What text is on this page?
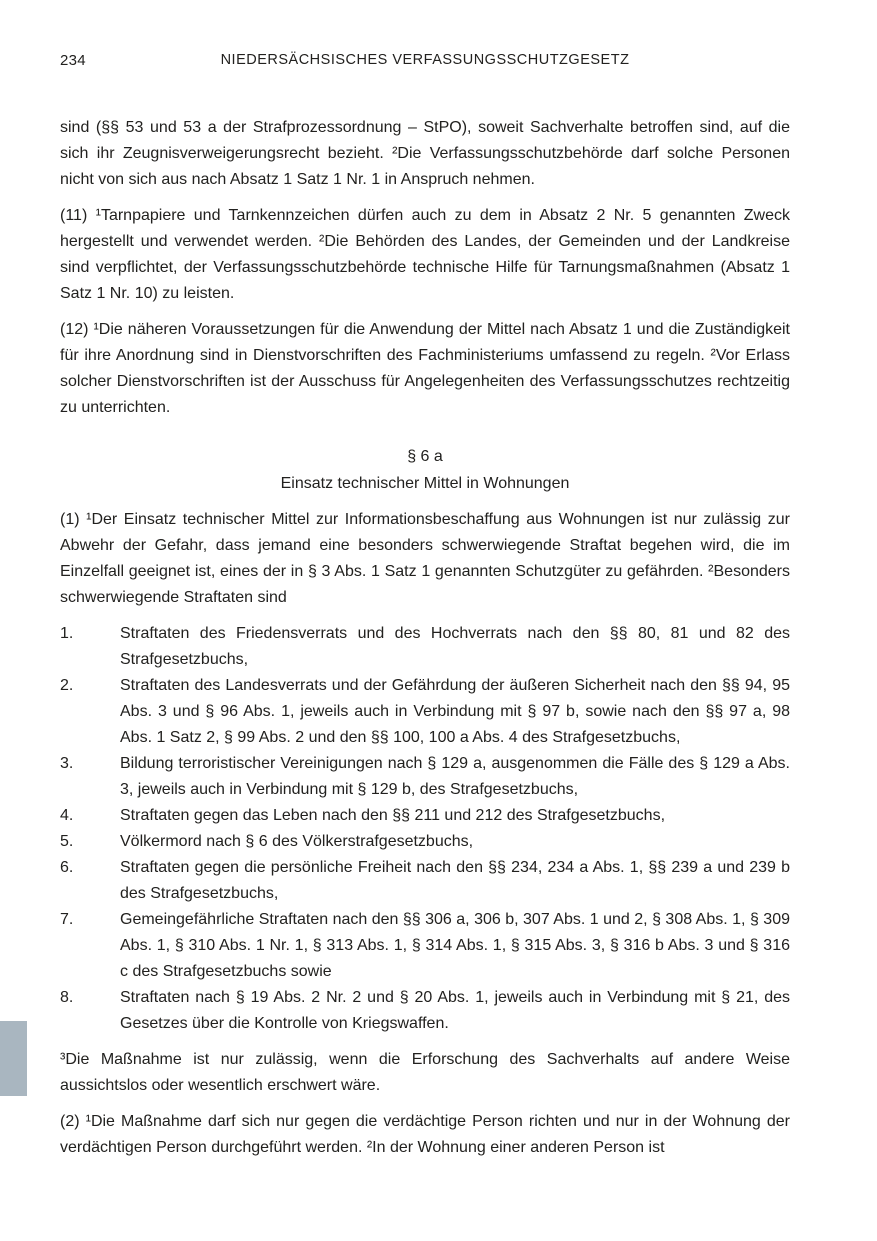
234	NIEDERSÄCHSISCHES VERFASSUNGSSCHUTZGESETZ

sind (§§ 53 und 53 a der Strafprozessordnung – StPO), soweit Sachverhalte betroffen sind, auf die sich ihr Zeugnisverweigerungsrecht bezieht. ²Die Verfassungsschutzbehörde darf solche Personen nicht von sich aus nach Absatz 1 Satz 1 Nr. 1 in Anspruch nehmen.

(11) ¹Tarnpapiere und Tarnkennzeichen dürfen auch zu dem in Absatz 2 Nr. 5 genannten Zweck hergestellt und verwendet werden. ²Die Behörden des Landes, der Gemeinden und der Landkreise sind verpflichtet, der Verfassungsschutzbehörde technische Hilfe für Tarnungsmaßnahmen (Absatz 1 Satz 1 Nr. 10) zu leisten.

(12) ¹Die näheren Voraussetzungen für die Anwendung der Mittel nach Absatz 1 und die Zuständigkeit für ihre Anordnung sind in Dienstvorschriften des Fachministeriums umfassend zu regeln. ²Vor Erlass solcher Dienstvorschriften ist der Ausschuss für Angelegenheiten des Verfassungsschutzes rechtzeitig zu unterrichten.

§ 6 a
Einsatz technischer Mittel in Wohnungen

(1) ¹Der Einsatz technischer Mittel zur Informationsbeschaffung aus Wohnungen ist nur zulässig zur Abwehr der Gefahr, dass jemand eine besonders schwerwiegende Straftat begehen wird, die im Einzelfall geeignet ist, eines der in § 3 Abs. 1 Satz 1 genannten Schutzgüter zu gefährden. ²Besonders schwerwiegende Straftaten sind

1.	Straftaten des Friedensverrats und des Hochverrats nach den §§ 80, 81 und 82 des Strafgesetzbuchs,
2.	Straftaten des Landesverrats und der Gefährdung der äußeren Sicherheit nach den §§ 94, 95 Abs. 3 und § 96 Abs. 1, jeweils auch in Verbindung mit § 97 b, sowie nach den §§ 97 a, 98 Abs. 1 Satz 2, § 99 Abs. 2 und den §§ 100, 100 a Abs. 4 des Strafgesetzbuchs,
3.	Bildung terroristischer Vereinigungen nach § 129 a, ausgenommen die Fälle des § 129 a Abs. 3, jeweils auch in Verbindung mit § 129 b, des Strafgesetzbuchs,
4.	Straftaten gegen das Leben nach den §§ 211 und 212 des Strafgesetzbuchs,
5.	Völkermord nach § 6 des Völkerstrafgesetzbuchs,
6.	Straftaten gegen die persönliche Freiheit nach den §§ 234, 234 a Abs. 1, §§ 239 a und 239 b des Strafgesetzbuchs,
7.	Gemeingefährliche Straftaten nach den §§ 306 a, 306 b, 307 Abs. 1 und 2, § 308 Abs. 1, § 309 Abs. 1, § 310 Abs. 1 Nr. 1, § 313 Abs. 1, § 314 Abs. 1, § 315 Abs. 3, § 316 b Abs. 3 und § 316 c des Strafgesetzbuchs sowie
8.	Straftaten nach § 19 Abs. 2 Nr. 2 und § 20 Abs. 1, jeweils auch in Verbindung mit § 21, des Gesetzes über die Kontrolle von Kriegswaffen.

³Die Maßnahme ist nur zulässig, wenn die Erforschung des Sachverhalts auf andere Weise aussichtslos oder wesentlich erschwert wäre.

(2) ¹Die Maßnahme darf sich nur gegen die verdächtige Person richten und nur in der Wohnung der verdächtigen Person durchgeführt werden. ²In der Wohnung einer anderen Person ist
